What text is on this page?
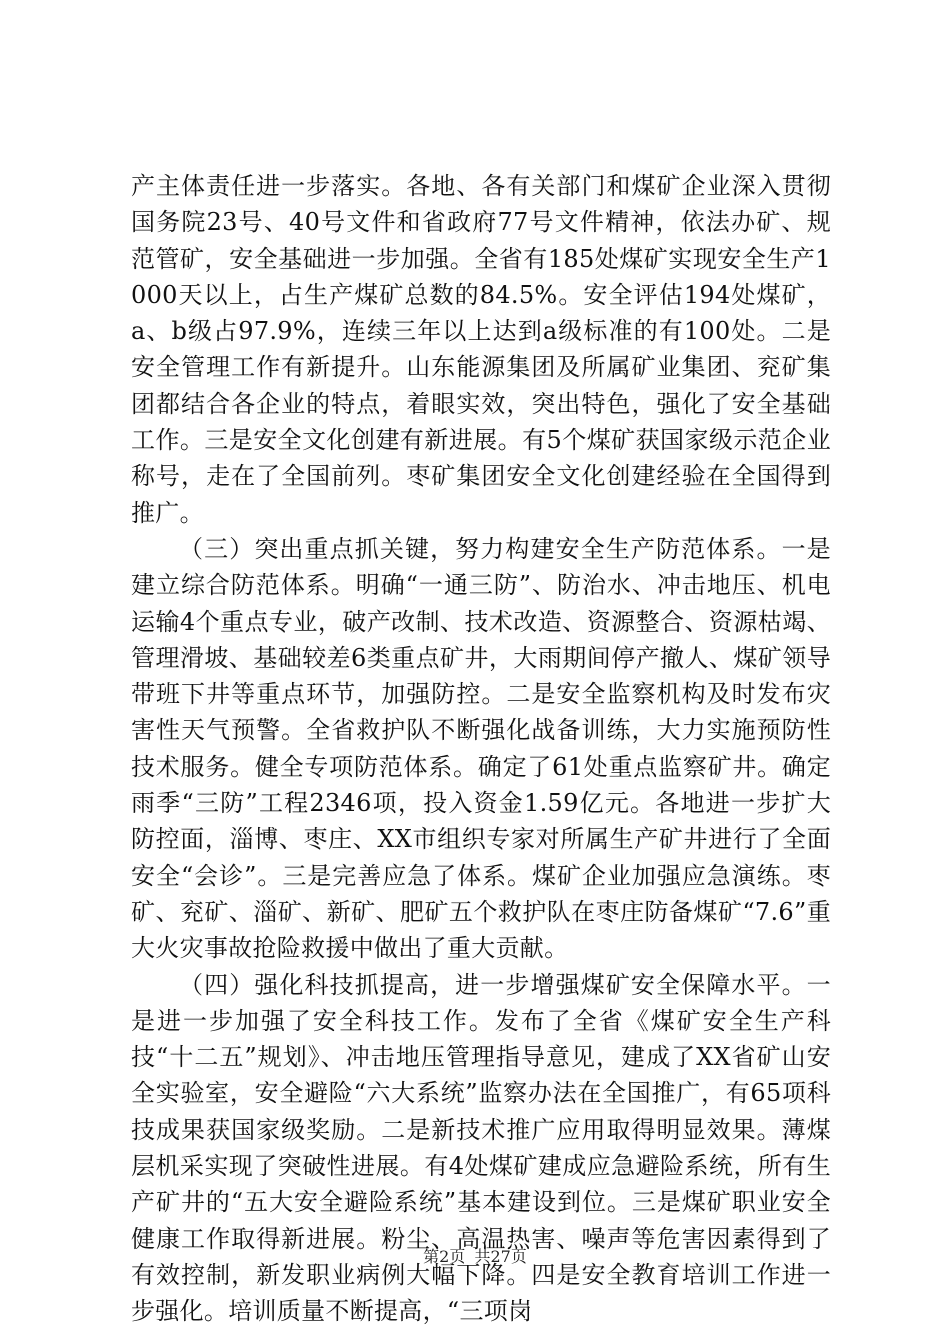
产主体责任进一步落实。各地、各有关部门和煤矿企业深入贯彻国务院23号、40号文件和省政府77号文件精神，依法办矿、规范管矿，安全基础进一步加强。全省有185处煤矿实现安全生产1000天以上，占生产煤矿总数的84.5%。安全评估194处煤矿，a、b级占97.9%，连续三年以上达到a级标准的有100处。二是安全管理工作有新提升。山东能源集团及所属矿业集团、兖矿集团都结合各企业的特点，着眼实效，突出特色，强化了安全基础工作。三是安全文化创建有新进展。有5个煤矿获国家级示范企业称号，走在了全国前列。枣矿集团安全文化创建经验在全国得到推广。

（三）突出重点抓关键，努力构建安全生产防范体系。一是建立综合防范体系。明确“一通三防”、防治水、冲击地压、机电运输4个重点专业，破产改制、技术改造、资源整合、资源枯竭、管理滑坡、基础较差6类重点矿井，大雨期间停产撤人、煤矿领导带班下井等重点环节，加强防控。二是安全监察机构及时发布灾害性天气预警。全省救护队不断强化战备训练，大力实施预防性技术服务。健全专项防范体系。确定了61处重点监察矿井。确定雨季“三防”工程2346项，投入资金1.59亿元。各地进一步扩大防控面，淄博、枣庄、XX市组织专家对所属生产矿井进行了全面安全“会诊”。三是完善应急了体系。煤矿企业加强应急演练。枣矿、兖矿、淄矿、新矿、肥矿五个救护队在枣庄防备煤矿“7.6”重大火灾事故抢险救援中做出了重大贡献。

（四）强化科技抓提高，进一步增强煤矿安全保障水平。一是进一步加强了安全科技工作。发布了全省《煤矿安全生产科技“十二五”规划》、冲击地压管理指导意见，建成了XX省矿山安全实验室，安全避险“六大系统”监察办法在全国推广，有65项科技成果获国家级奖励。二是新技术推广应用取得明显效果。薄煤层机采实现了突破性进展。有4处煤矿建成应急避险系统，所有生产矿井的“五大安全避险系统”基本建设到位。三是煤矿职业安全健康工作取得新进展。粉尘、高温热害、噪声等危害因素得到了有效控制，新发职业病例大幅下降。四是安全教育培训工作进一步强化。培训质量不断提高，“三项岗

第2页 共27页
